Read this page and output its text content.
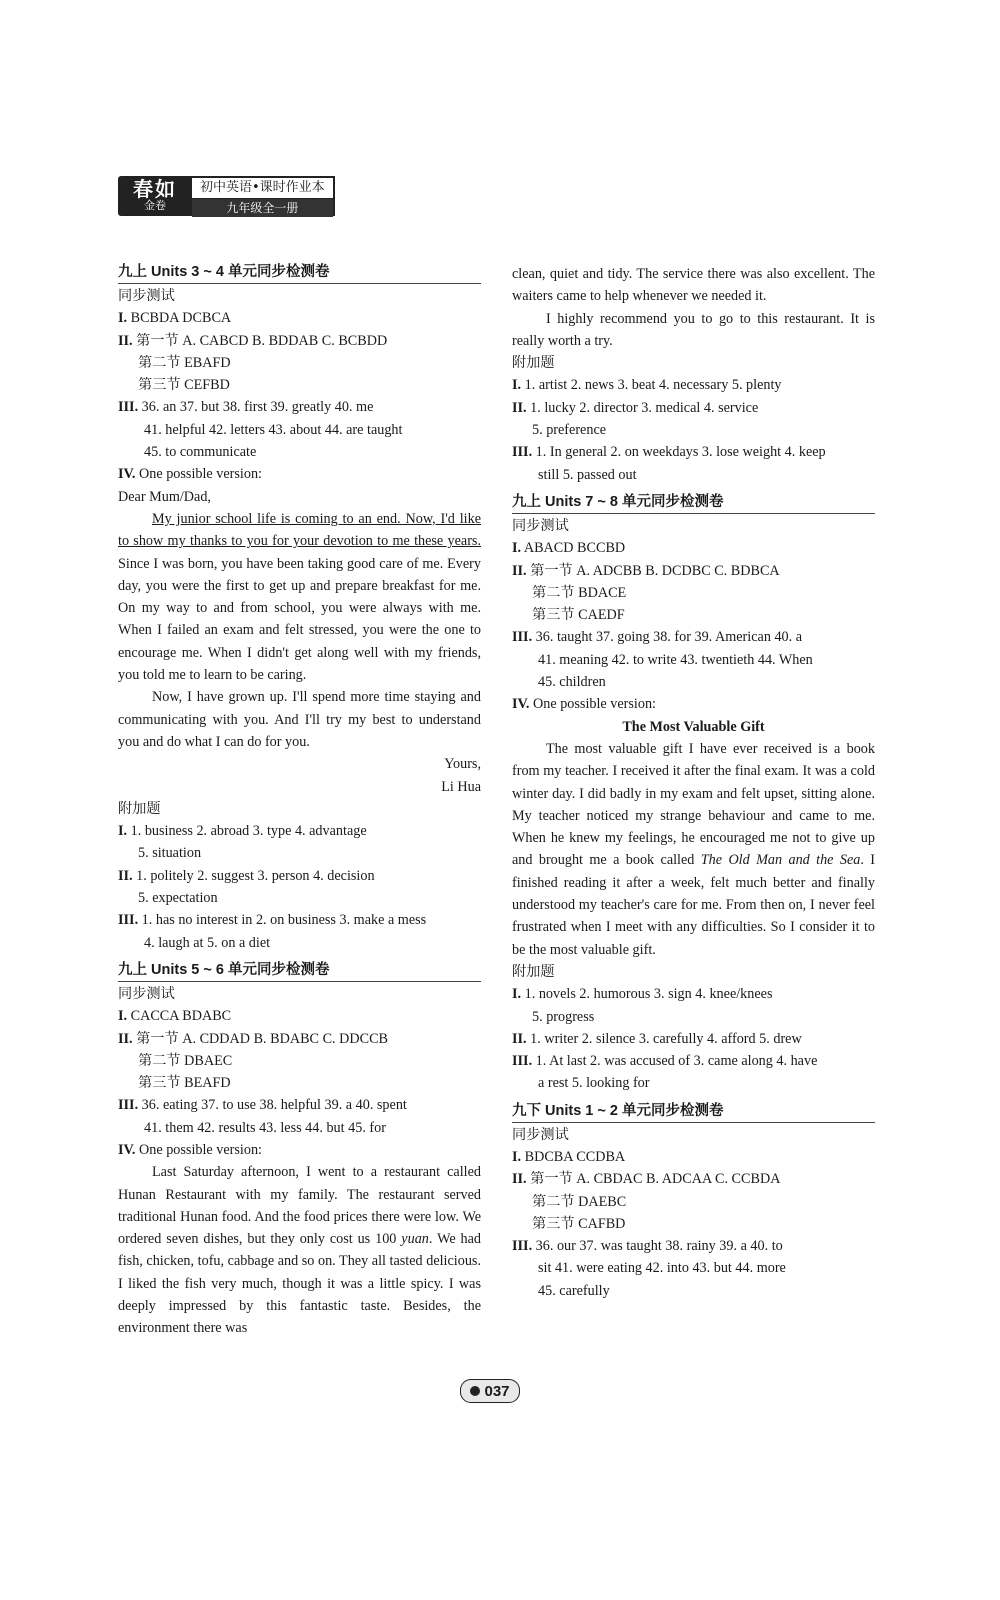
春如
金卷
初中英语•课时作业本
九年级全一册
九上 Units 3 ~ 4 单元同步检测卷
同步测试
I. BCBDA DCBCA
II. 第一节 A. CABCD B. BDDAB C. BCBDD
第二节 EBAFD
第三节 CEFBD
III. 36. an 37. but 38. first 39. greatly 40. me
41. helpful 42. letters 43. about 44. are taught
45. to communicate
IV. One possible version:
Dear Mum/Dad,

My junior school life is coming to an end. Now, I'd like to show my thanks to you for your devotion to me these years. Since I was born, you have been taking good care of me. Every day, you were the first to get up and prepare breakfast for me. On my way to and from school, you were always with me. When I failed an exam and felt stressed, you were the one to encourage me. When I didn't get along well with my friends, you told me to learn to be caring.

Now, I have grown up. I'll spend more time staying and communicating with you. And I'll try my best to understand you and do what I can do for you.

Yours,
Li Hua
附加题
I. 1. business 2. abroad 3. type 4. advantage
5. situation
II. 1. politely 2. suggest 3. person 4. decision
5. expectation
III. 1. has no interest in 2. on business 3. make a mess
4. laugh at 5. on a diet
九上 Units 5 ~ 6 单元同步检测卷
同步测试
I. CACCA BDABC
II. 第一节 A. CDDAD B. BDABC C. DDCCB
第二节 DBAEC
第三节 BEAFD
III. 36. eating 37. to use 38. helpful 39. a 40. spent
41. them 42. results 43. less 44. but 45. for
IV. One possible version:

Last Saturday afternoon, I went to a restaurant called Hunan Restaurant with my family. The restaurant served traditional Hunan food. And the food prices there were low. We ordered seven dishes, but they only cost us 100 yuan. We had fish, chicken, tofu, cabbage and so on. They all tasted delicious. I liked the fish very much, though it was a little spicy. I was deeply impressed by this fantastic taste. Besides, the environment there was

clean, quiet and tidy. The service there was also excellent. The waiters came to help whenever we needed it.

I highly recommend you to go to this restaurant. It is really worth a try.

附加题
I. 1. artist 2. news 3. beat 4. necessary 5. plenty
II. 1. lucky 2. director 3. medical 4. service
5. preference
III. 1. In general 2. on weekdays 3. lose weight 4. keep
still 5. passed out
九上 Units 7 ~ 8 单元同步检测卷
同步测试
I. ABACD BCCBD
II. 第一节 A. ADCBB B. DCDBC C. BDBCA
第二节 BDACE
第三节 CAEDF
III. 36. taught 37. going 38. for 39. American 40. a
41. meaning 42. to write 43. twentieth 44. When
45. children
IV. One possible version:
The Most Valuable Gift

The most valuable gift I have ever received is a book from my teacher. I received it after the final exam. It was a cold winter day. I did badly in my exam and felt upset, sitting alone. My teacher noticed my strange behaviour and came to me. When he knew my feelings, he encouraged me not to give up and brought me a book called The Old Man and the Sea. I finished reading it after a week, felt much better and finally understood my teacher's care for me. From then on, I never feel frustrated when I meet with any difficulties. So I consider it to be the most valuable gift.

附加题
I. 1. novels 2. humorous 3. sign 4. knee/knees
5. progress
II. 1. writer 2. silence 3. carefully 4. afford 5. drew
III. 1. At last 2. was accused of 3. came along 4. have
a rest 5. looking for
九下 Units 1 ~ 2 单元同步检测卷
同步测试
I. BDCBA CCDBA
II. 第一节 A. CBDAC B. ADCAA C. CCBDA
第二节 DAEBC
第三节 CAFBD
III. 36. our 37. was taught 38. rainy 39. a 40. to
sit 41. were eating 42. into 43. but 44. more
45. carefully
037
